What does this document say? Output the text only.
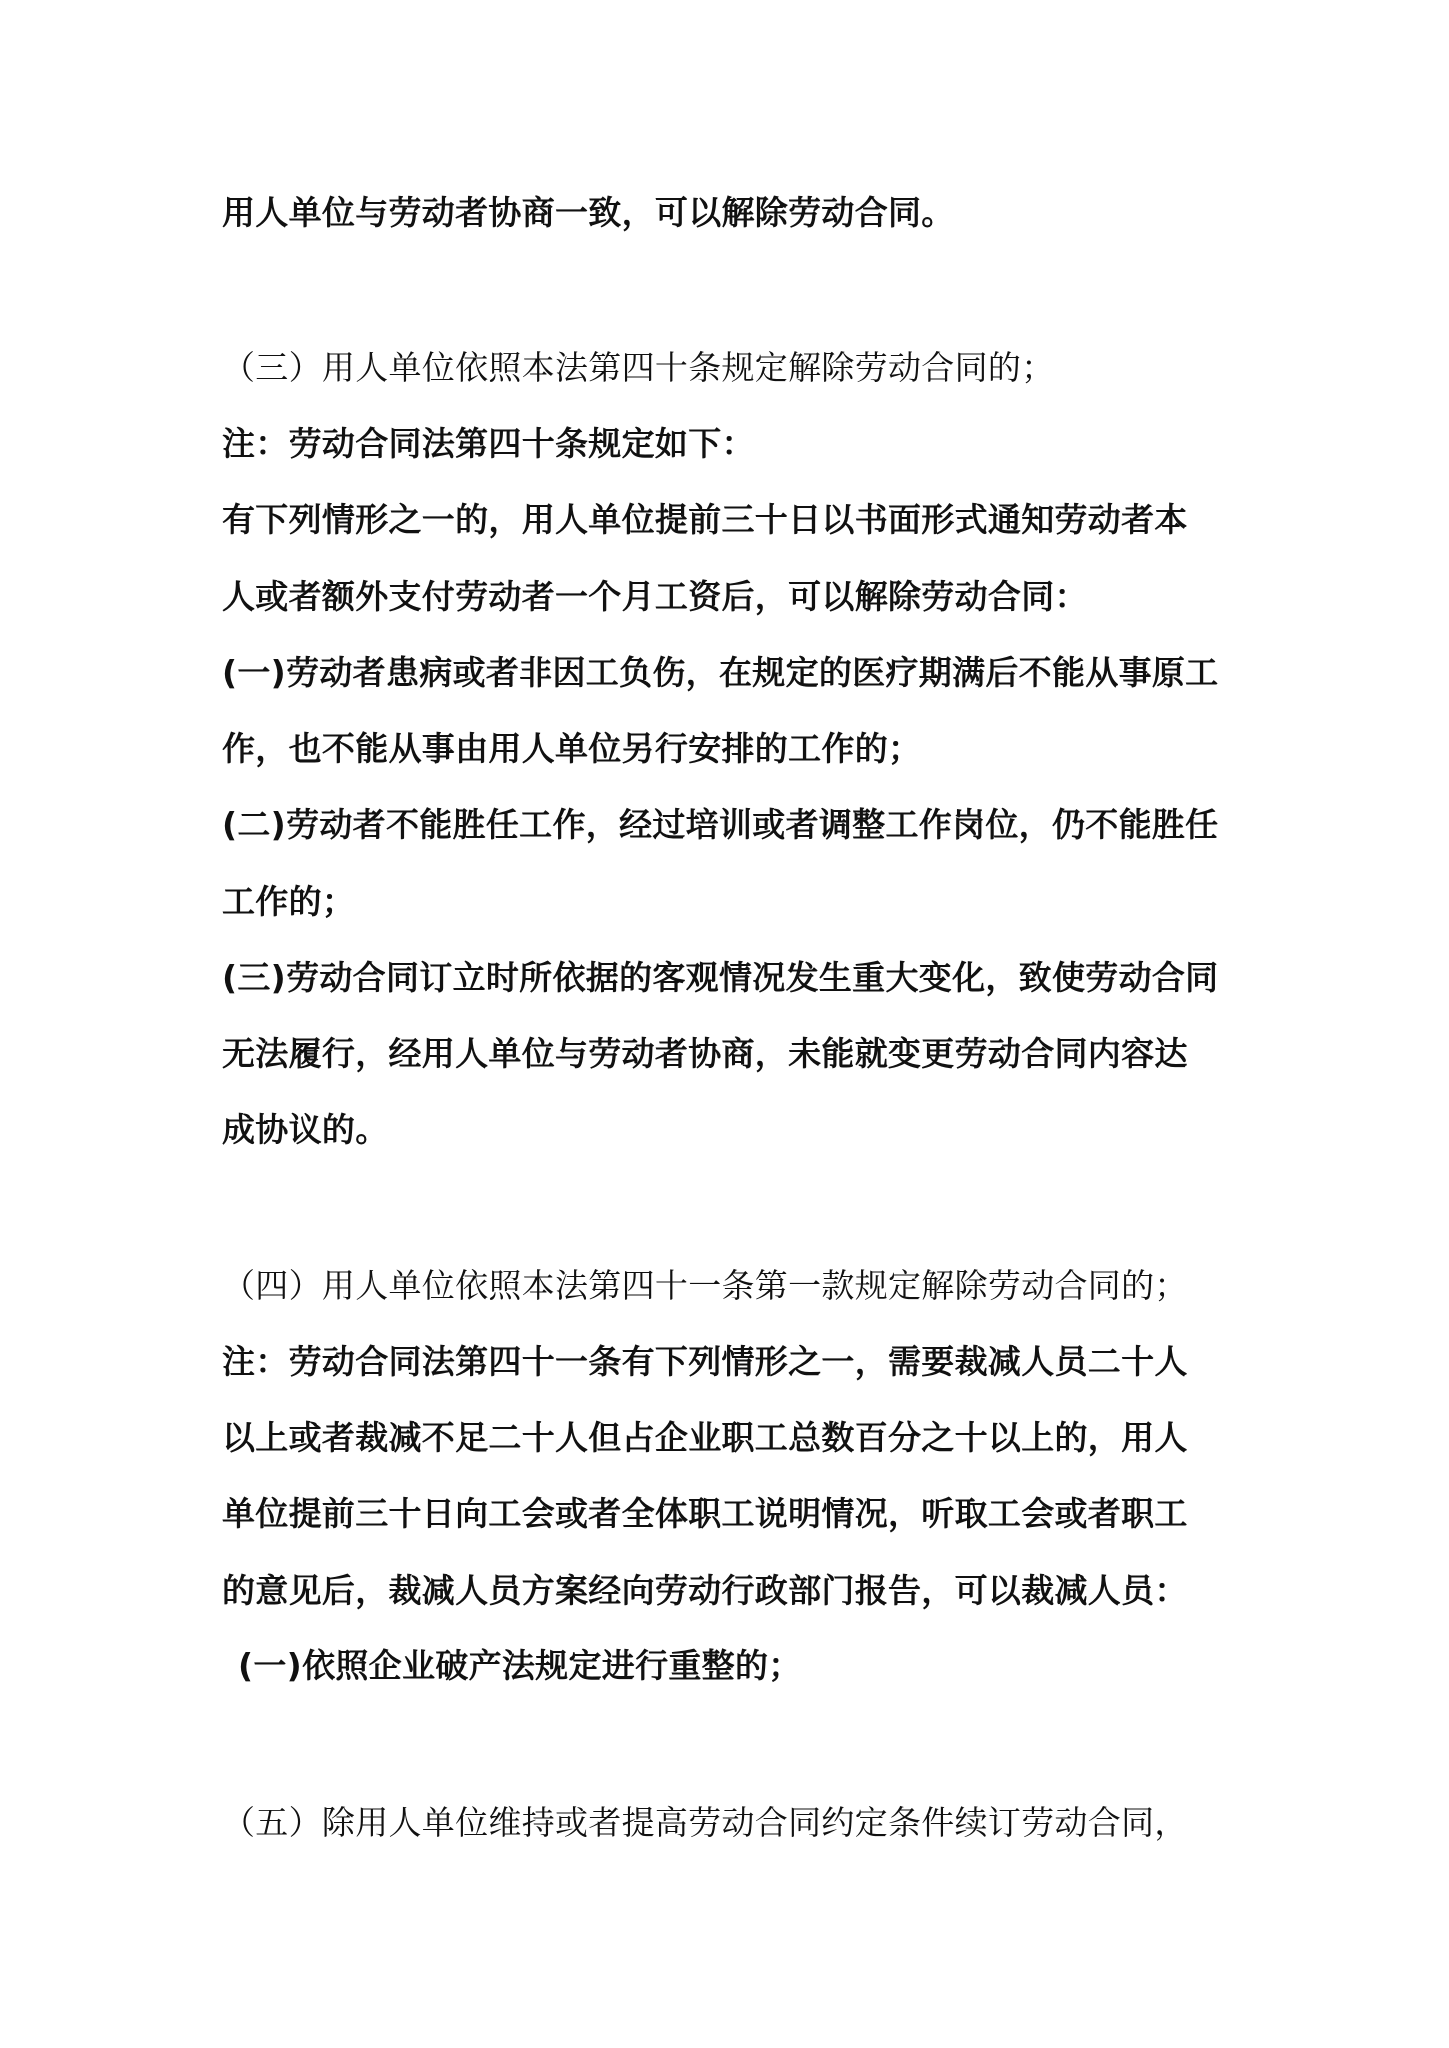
用人单位与劳动者协商一致，可以解除劳动合同。

（三）用人单位依照本法第四十条规定解除劳动合同的；

注：劳动合同法第四十条规定如下：

有下列情形之一的，用人单位提前三十日以书面形式通知劳动者本

人或者额外支付劳动者一个月工资后，可以解除劳动合同：

(一)劳动者患病或者非因工负伤，在规定的医疗期满后不能从事原工

作，也不能从事由用人单位另行安排的工作的；

(二)劳动者不能胜任工作，经过培训或者调整工作岗位，仍不能胜任

工作的；

(三)劳动合同订立时所依据的客观情况发生重大变化，致使劳动合同

无法履行，经用人单位与劳动者协商，未能就变更劳动合同内容达

成协议的。

（四）用人单位依照本法第四十一条第一款规定解除劳动合同的；

注：劳动合同法第四十一条有下列情形之一，需要裁减人员二十人

以上或者裁减不足二十人但占企业职工总数百分之十以上的，用人

单位提前三十日向工会或者全体职工说明情况，听取工会或者职工

的意见后，裁减人员方案经向劳动行政部门报告，可以裁减人员：

(一)依照企业破产法规定进行重整的；

（五）除用人单位维持或者提高劳动合同约定条件续订劳动合同，
